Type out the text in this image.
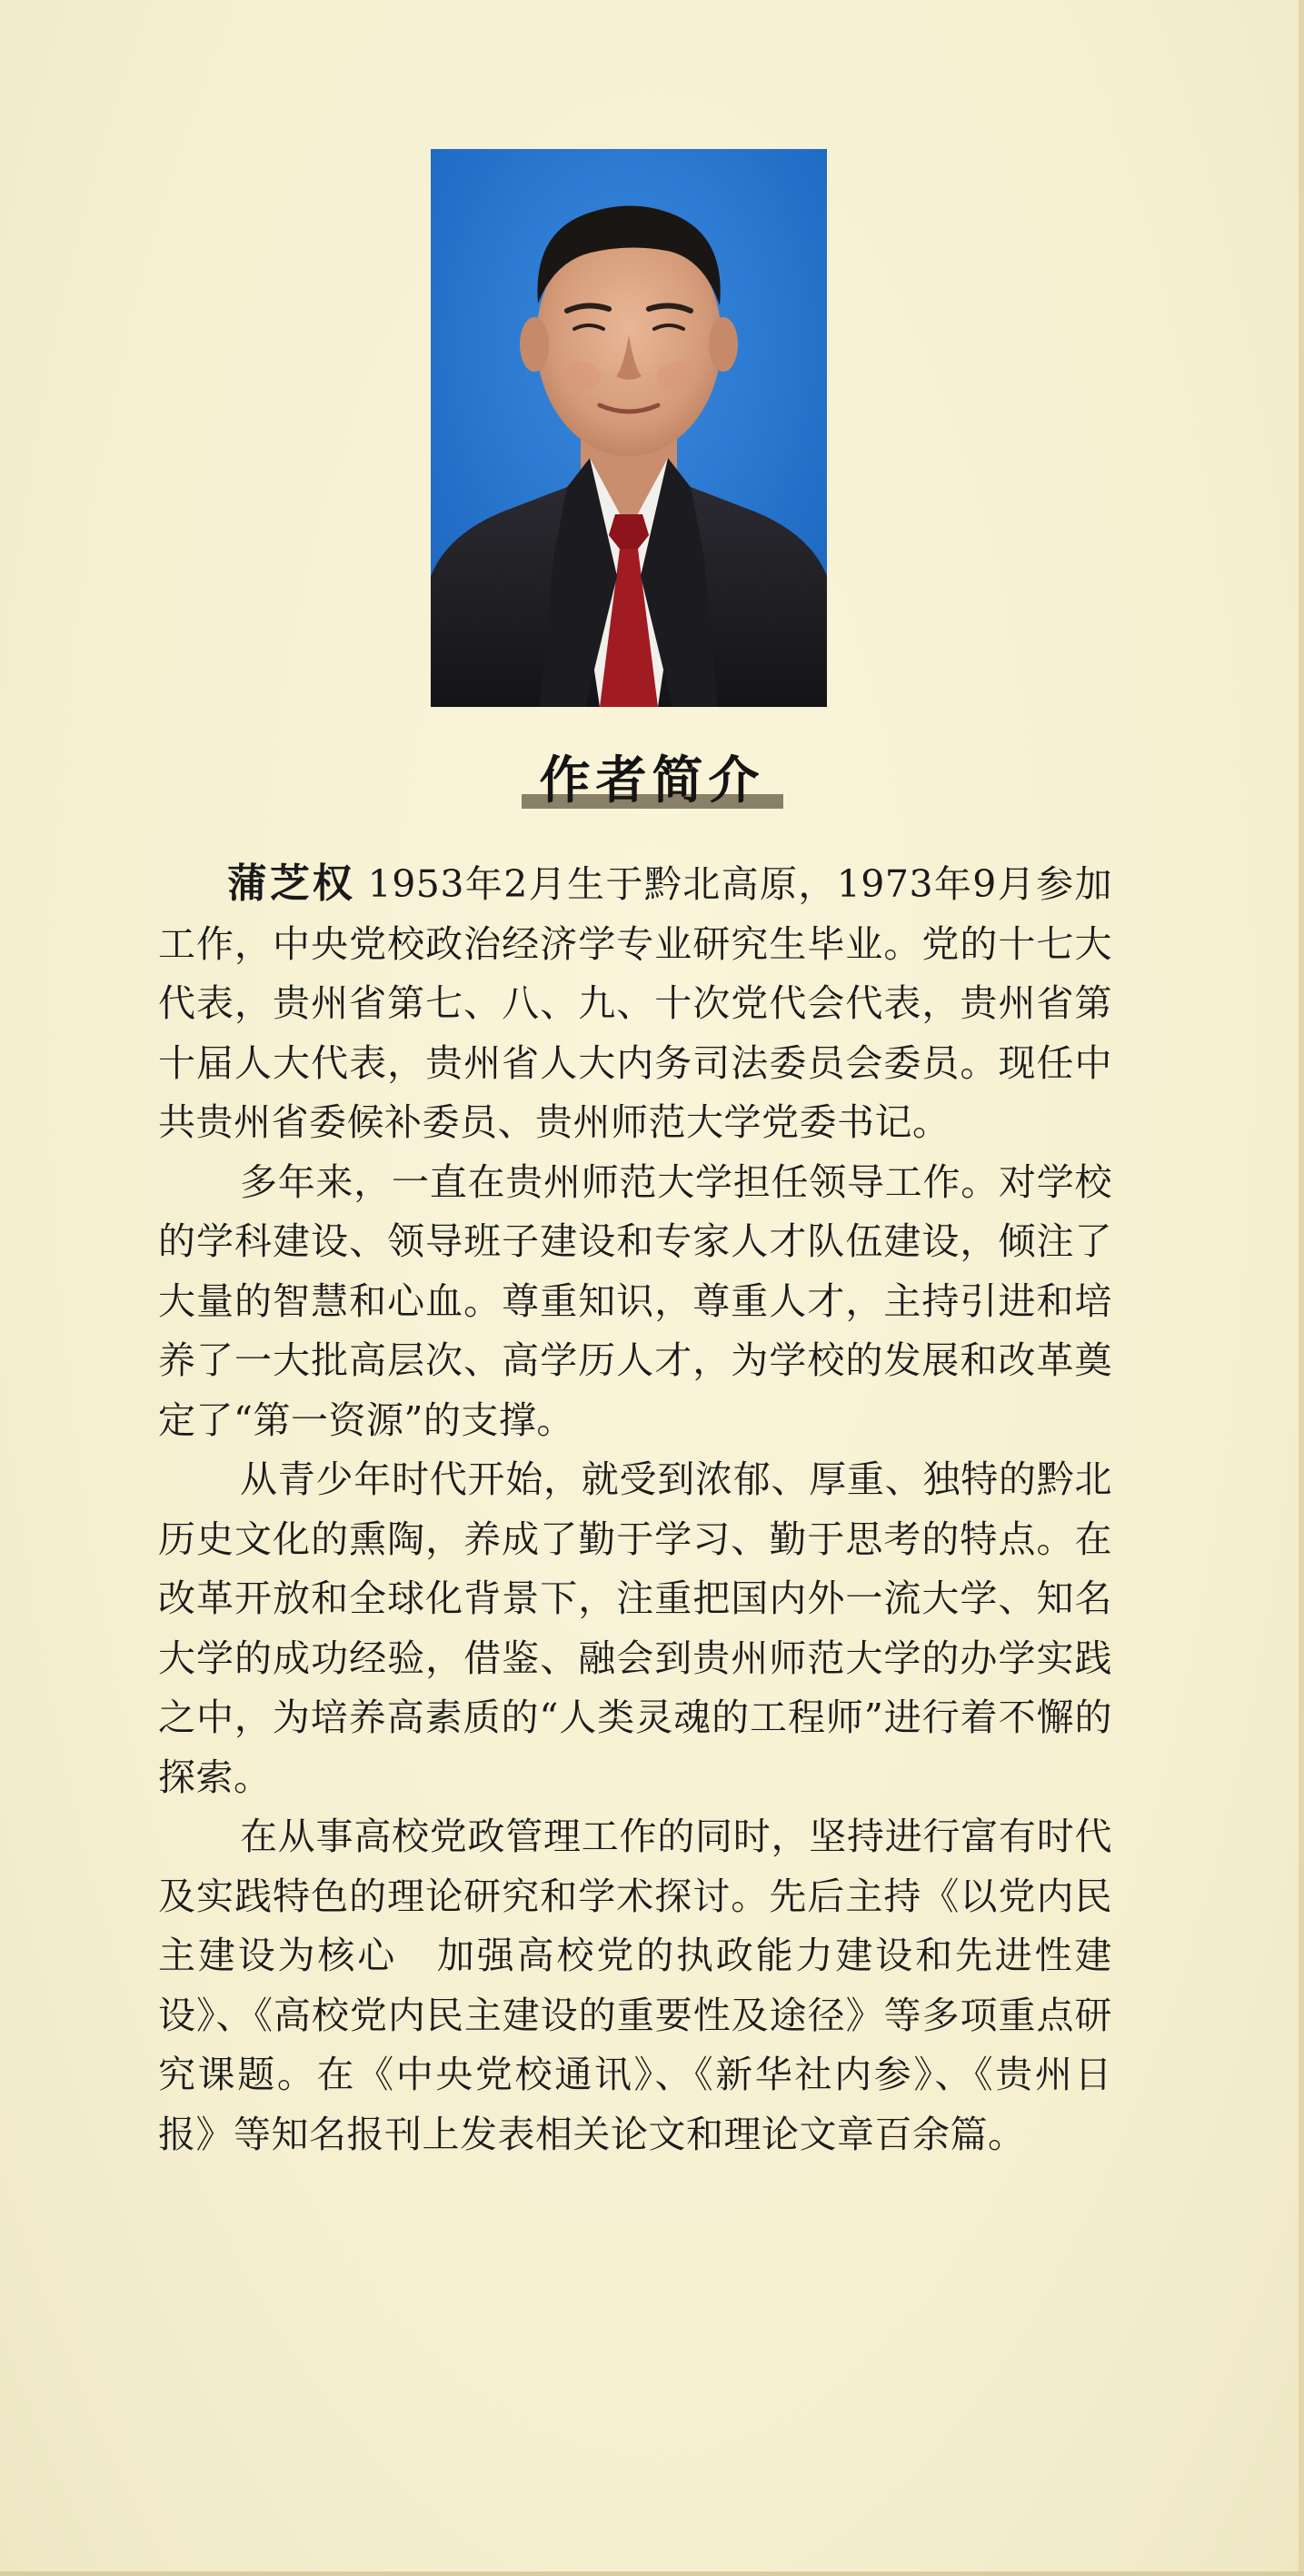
作者简介

蒲芝权 1953年2月生于黔北高原，1973年9月参加工作，中央党校政治经济学专业研究生毕业。党的十七大代表，贵州省第七、八、九、十次党代会代表，贵州省第十届人大代表，贵州省人大内务司法委员会委员。现任中共贵州省委候补委员、贵州师范大学党委书记。

多年来，一直在贵州师范大学担任领导工作。对学校的学科建设、领导班子建设和专家人才队伍建设，倾注了大量的智慧和心血。尊重知识，尊重人才，主持引进和培养了一大批高层次、高学历人才，为学校的发展和改革奠定了“第一资源”的支撑。

从青少年时代开始，就受到浓郁、厚重、独特的黔北历史文化的熏陶，养成了勤于学习、勤于思考的特点。在改革开放和全球化背景下，注重把国内外一流大学、知名大学的成功经验，借鉴、融会到贵州师范大学的办学实践之中，为培养高素质的“人类灵魂的工程师”进行着不懈的探索。

在从事高校党政管理工作的同时，坚持进行富有时代及实践特色的理论研究和学术探讨。先后主持《以党内民主建设为核心　加强高校党的执政能力建设和先进性建设》、《高校党内民主建设的重要性及途径》等多项重点研究课题。在《中央党校通讯》、《新华社内参》、《贵州日报》等知名报刊上发表相关论文和理论文章百余篇。
